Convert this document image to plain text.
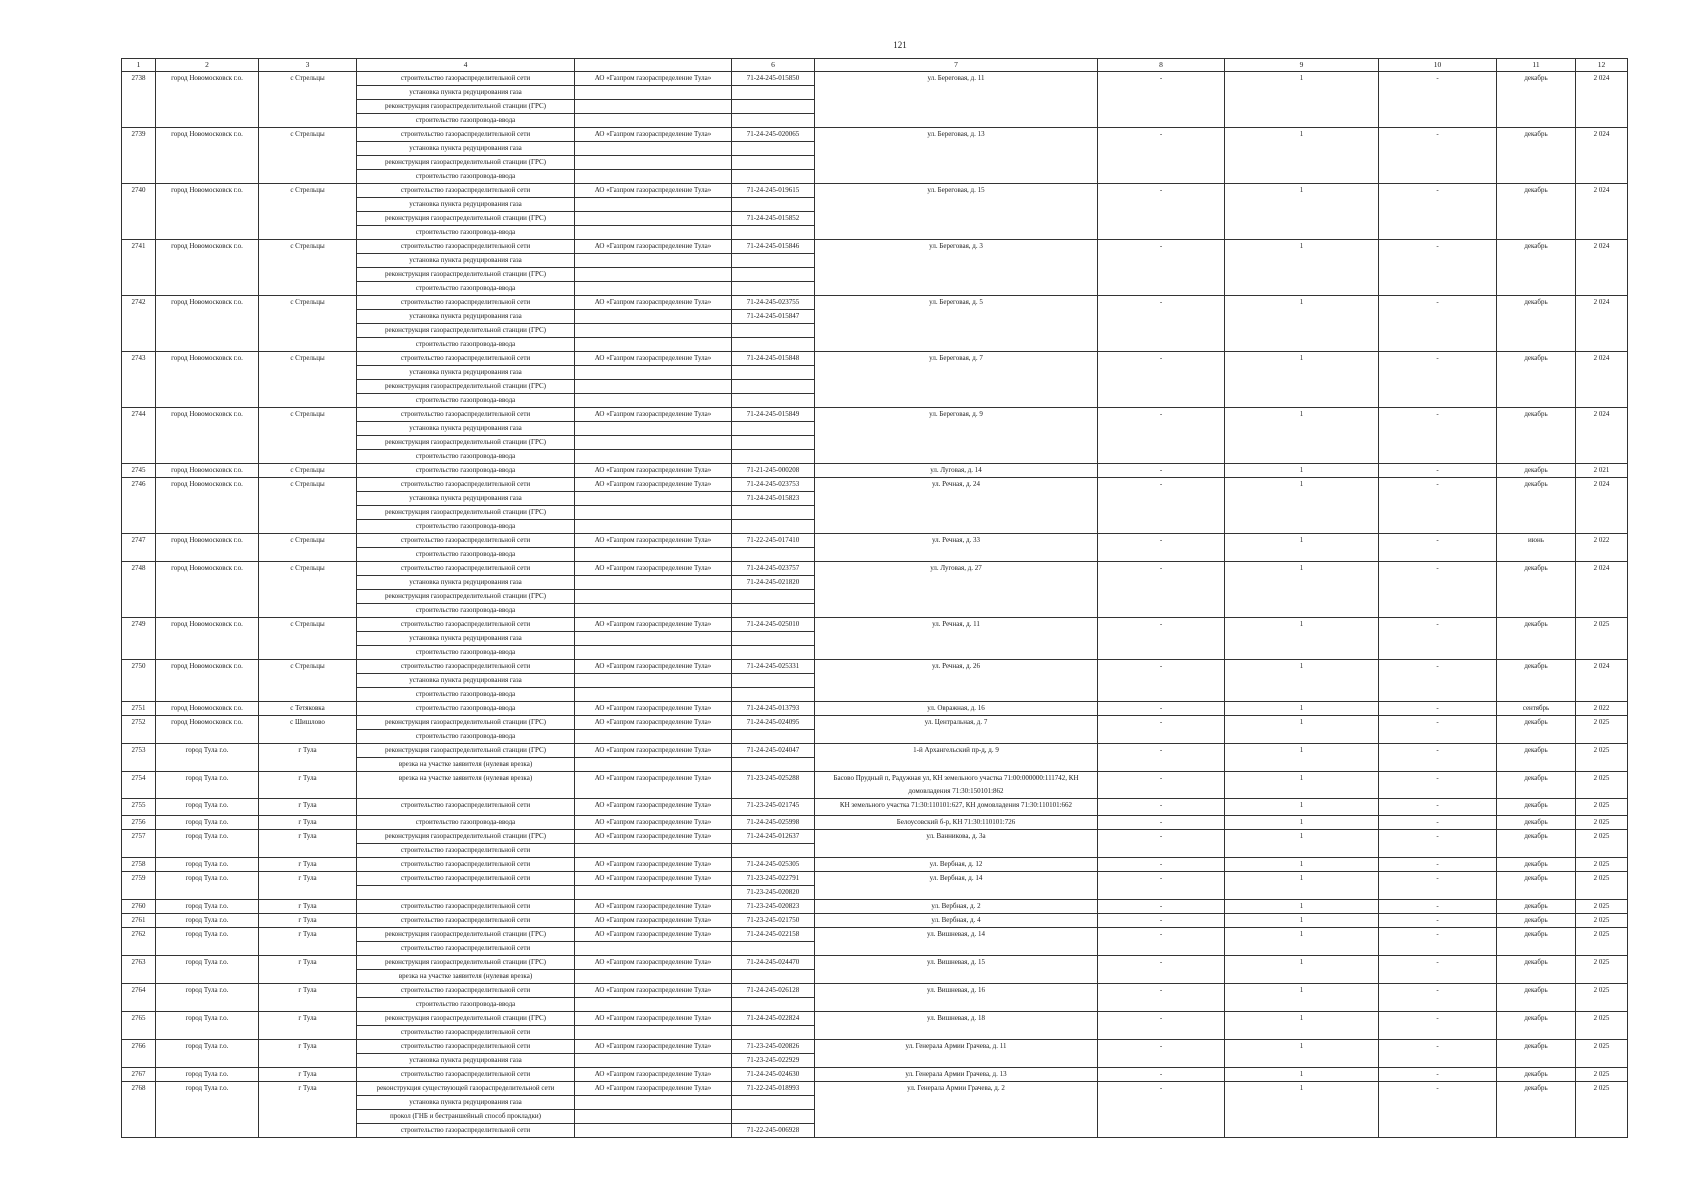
121
1	2	3	4		6	7	8	9	10	11	12
2738	город Новомосковск г.о.	с Стрельцы	строительство газораспределительной сети	АО «Газпром газораспределение Тула»	71-24-245-015850	ул. Береговая, д. 11	-	1	-	декабрь	2 024
			установка пункта редуцирования газа								
			реконструкция газораспределительной станции (ГРС)								
			строительство газопровода-ввода								
2739	город Новомосковск г.о.	с Стрельцы	строительство газораспределительной сети	АО «Газпром газораспределение Тула»	71-24-245-020065	ул. Береговая, д. 13	-	1	-	декабрь	2 024
			установка пункта редуцирования газа								
			реконструкция газораспределительной станции (ГРС)								
			строительство газопровода-ввода								
2740	город Новомосковск г.о.	с Стрельцы	строительство газораспределительной сети	АО «Газпром газораспределение Тула»	71-24-245-019615	ул. Береговая, д. 15	-	1	-	декабрь	2 024
			установка пункта редуцирования газа								
			реконструкция газораспределительной станции (ГРС)		71-24-245-015852						
			строительство газопровода-ввода								
2741	город Новомосковск г.о.	с Стрельцы	строительство газораспределительной сети	АО «Газпром газораспределение Тула»	71-24-245-015846	ул. Береговая, д. 3	-	1	-	декабрь	2 024
			установка пункта редуцирования газа								
			реконструкция газораспределительной станции (ГРС)								
			строительство газопровода-ввода								
2742	город Новомосковск г.о.	с Стрельцы	строительство газораспределительной сети	АО «Газпром газораспределение Тула»	71-24-245-023755	ул. Береговая, д. 5	-	1	-	декабрь	2 024
			установка пункта редуцирования газа		71-24-245-015847						
			реконструкция газораспределительной станции (ГРС)								
			строительство газопровода-ввода								
2743	город Новомосковск г.о.	с Стрельцы	строительство газораспределительной сети	АО «Газпром газораспределение Тула»	71-24-245-015848	ул. Береговая, д. 7	-	1	-	декабрь	2 024
			установка пункта редуцирования газа								
			реконструкция газораспределительной станции (ГРС)								
			строительство газопровода-ввода								
2744	город Новомосковск г.о.	с Стрельцы	строительство газораспределительной сети	АО «Газпром газораспределение Тула»	71-24-245-015849	ул. Береговая, д. 9	-	1	-	декабрь	2 024
			установка пункта редуцирования газа								
			реконструкция газораспределительной станции (ГРС)								
			строительство газопровода-ввода								
2745	город Новомосковск г.о.	с Стрельцы	строительство газопровода-ввода	АО «Газпром газораспределение Тула»	71-21-245-000208	ул. Луговая, д. 14	-	1	-	декабрь	2 021
2746	город Новомосковск г.о.	с Стрельцы	строительство газораспределительной сети	АО «Газпром газораспределение Тула»	71-24-245-023753	ул. Речная, д. 24	-	1	-	декабрь	2 024
			установка пункта редуцирования газа		71-24-245-015823						
			реконструкция газораспределительной станции (ГРС)								
			строительство газопровода-ввода								
2747	город Новомосковск г.о.	с Стрельцы	строительство газораспределительной сети	АО «Газпром газораспределение Тула»	71-22-245-017410	ул. Речная, д. 33	-	1	-	июнь	2 022
			строительство газопровода-ввода								
2748	город Новомосковск г.о.	с Стрельцы	строительство газораспределительной сети	АО «Газпром газораспределение Тула»	71-24-245-023757	ул. Луговая, д. 27	-	1	-	декабрь	2 024
			установка пункта редуцирования газа		71-24-245-021820						
			реконструкция газораспределительной станции (ГРС)								
			строительство газопровода-ввода								
2749	город Новомосковск г.о.	с Стрельцы	строительство газораспределительной сети	АО «Газпром газораспределение Тула»	71-24-245-025010	ул. Речная, д. 11	-	1	-	декабрь	2 025
			установка пункта редуцирования газа								
			строительство газопровода-ввода								
2750	город Новомосковск г.о.	с Стрельцы	строительство газораспределительной сети	АО «Газпром газораспределение Тула»	71-24-245-025331	ул. Речная, д. 26	-	1	-	декабрь	2 024
			установка пункта редуцирования газа								
			строительство газопровода-ввода								
2751	город Новомосковск г.о.	с Тетяковка	строительство газопровода-ввода	АО «Газпром газораспределение Тула»	71-24-245-013793	ул. Овражная, д. 16	-	1	-	сентябрь	2 022
2752	город Новомосковск г.о.	с Шишлово	реконструкция газораспределительной станции (ГРС)	АО «Газпром газораспределение Тула»	71-24-245-024095	ул. Центральная, д. 7	-	1	-	декабрь	2 025
			строительство газопровода-ввода								
2753	город Тула г.о.	г Тула	реконструкция газораспределительной станции (ГРС)	АО «Газпром газораспределение Тула»	71-24-245-024047	1-й Архангельский пр-д, д. 9	-	1	-	декабрь	2 025
			врезка на участке заявителя (нулевая врезка)								
2754	город Тула г.о.	г Тула	врезка на участке заявителя (нулевая врезка)	АО «Газпром газораспределение Тула»	71-23-245-025288	Басово Прудный п, Радужная ул, КН земельного участка 71:00:000000:111742, КН домовладения 71:30:150101:862	-	1	-	декабрь	2 025
2755	город Тула г.о.	г Тула	строительство газораспределительной сети	АО «Газпром газораспределение Тула»	71-23-245-021745	КН земельного участка 71:30:110101:627, КН домовладения 71:30:110101:662	-	1	-	декабрь	2 025
2756	город Тула г.о.	г Тула	строительство газопровода-ввода	АО «Газпром газораспределение Тула»	71-24-245-025998	Белоусовский б-р, КН 71:30:110101:726	-	1	-	декабрь	2 025
2757	город Тула г.о.	г Тула	реконструкция газораспределительной станции (ГРС)	АО «Газпром газораспределение Тула»	71-24-245-012637	ул. Ванникова, д. 3а	-	1	-	декабрь	2 025
			строительство газораспределительной сети								
2758	город Тула г.о.	г Тула	строительство газораспределительной сети	АО «Газпром газораспределение Тула»	71-24-245-025305	ул. Вербная, д. 12	-	1	-	декабрь	2 025
2759	город Тула г.о.	г Тула	строительство газораспределительной сети	АО «Газпром газораспределение Тула»	71-23-245-022791	ул. Вербная, д. 14	-	1	-	декабрь	2 025
					71-23-245-020820						
2760	город Тула г.о.	г Тула	строительство газораспределительной сети	АО «Газпром газораспределение Тула»	71-23-245-020823	ул. Вербная, д. 2	-	1	-	декабрь	2 025
2761	город Тула г.о.	г Тула	строительство газораспределительной сети	АО «Газпром газораспределение Тула»	71-23-245-021750	ул. Вербная, д. 4	-	1	-	декабрь	2 025
2762	город Тула г.о.	г Тула	реконструкция газораспределительной станции (ГРС)	АО «Газпром газораспределение Тула»	71-24-245-022158	ул. Вишневая, д. 14	-	1	-	декабрь	2 025
			строительство газораспределительной сети								
2763	город Тула г.о.	г Тула	реконструкция газораспределительной станции (ГРС)	АО «Газпром газораспределение Тула»	71-24-245-024470	ул. Вишневая, д. 15	-	1	-	декабрь	2 025
			врезка на участке заявителя (нулевая врезка)								
2764	город Тула г.о.	г Тула	строительство газораспределительной сети	АО «Газпром газораспределение Тула»	71-24-245-026128	ул. Вишневая, д. 16	-	1	-	декабрь	2 025
			строительство газопровода-ввода								
2765	город Тула г.о.	г Тула	реконструкция газораспределительной станции (ГРС)	АО «Газпром газораспределение Тула»	71-24-245-022824	ул. Вишневая, д. 18	-	1	-	декабрь	2 025
			строительство газораспределительной сети								
2766	город Тула г.о.	г Тула	строительство газораспределительной сети	АО «Газпром газораспределение Тула»	71-23-245-020826	ул. Генерала Армии Грачева, д. 11	-	1	-	декабрь	2 025
			установка пункта редуцирования газа		71-23-245-022929						
2767	город Тула г.о.	г Тула	строительство газораспределительной сети	АО «Газпром газораспределение Тула»	71-24-245-024630	ул. Генерала Армии Грачева, д. 13	-	1	-	декабрь	2 025
2768	город Тула г.о.	г Тула	реконструкция существующей газораспределительной сети	АО «Газпром газораспределение Тула»	71-22-245-018993	ул. Генерала Армии Грачева, д. 2	-	1	-	декабрь	2 025
			установка пункта редуцирования газа								
			прокол (ГНБ и бестраншейный способ прокладки)								
			строительство газораспределительной сети		71-22-245-006928						
